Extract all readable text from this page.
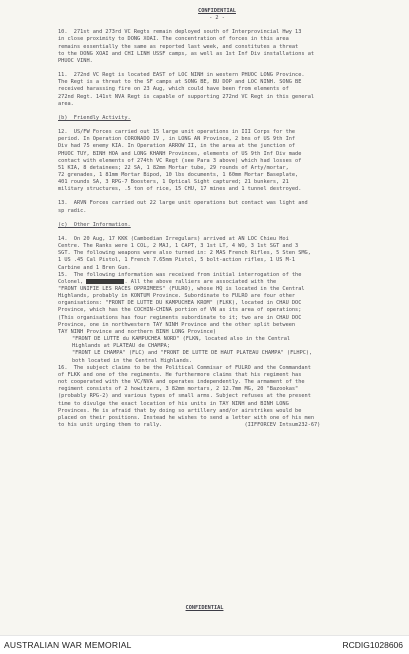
CONFIDENTIAL

- 2 -

10.  271st and 273rd VC Regts remain deployed south of Interprovincial Hwy 13
in close proximity to DONG XOAI. The concentration of forces in this area
remains essentially the same as reported last week, and constitutes a threat
to the DONG XOAI and CHI LINH USSF camps, as well as 1st Inf Div installations at
PHUOC VINH.

11.  272nd VC Regt is located EAST of LOC NINH in western PHUOC LONG Province.
The Regt is a threat to the SF camps at SONG BE, BU DOP and LOC NINH. SONG BE
received harassing fire on 23 Aug, which could have been from elements of
272nd Regt. 141st NVA Regt is capable of supporting 272nd VC Regt in this general
area.

(b)  Friendly Activity.

12.  US/FW Forces carried out 15 large unit operations in III Corps for the
period. In Operation CORONADO IV , in LONG AN Province, 2 bns of US 9th Inf
Div had 75 enemy KIA. In Operation ARROW II, in the area at the junction of
PHUOC TUY, BINH HOA and LONG KHANH Provinces, elements of US 9th Inf Div made
contact with elements of 274th VC Regt (see Para 3 above) which had losses of
51 KIA, 8 detainees; 22 SA, 1 82mm Mortar tube, 29 rounds of Arty/mortar,
72 grenades, 1 81mm Mortar Bipod, 10 lbs documents, 1 60mm Mortar Baseplate,
401 rounds SA, 3 RPG-7 Boosters, 1 Optical Sight captured; 21 bunkers, 21
military structures, .5 ton of rice, 15 CHU, 17 mines and 1 tunnel destroyed.

13.  ARVN Forces carried out 22 large unit operations but contact was light and
sp radic.

(c)  Other Information.

14.  On 20 Aug, 17 KKK (Cambodian Irregulars) arrived at AN LOC Chieu Hoi
Centre. The Ranks were 1 COL, 2 MAJ, 1 CAPT, 3 1st LT, 4 WO, 3 1st SGT and 3
SGT. The following weapons were also turned in: 2 MAS French Rifles, 5 Sten SMG,
1 US .45 Cal Pistol, 1 French 7.65mm Pistol, 5 bolt-action rifles, 1 US M-1
Carbine and 1 Bren Gun.

15.  The following information was received from initial interrogation of the

Colonel,	. All the above ralliers are associated with the

"FRONT UNIFIE LES RACES OPPRIMEES" (FULRO), whose HQ is located in the Central
Highlands, probably in KONTUM Province. Subordinate to FULRO are four other
organisations: "FRONT DE LUTTE DU KAMPUCHEA KROM" (FLKK), located in CHAU DOC
Province, which has the COCHIN-CHINA portion of VN as its area of operations;
(This organisations has four regiments subordinate to it; two are in CHAU DOC
Province, one in northwestern TAY NINH Province and the other split between
TAY NINH Province and northern BINH LONG Province)

"FRONT DE LUTTE du KAMPUCHEA NORD" (FLKN, located also in the Central
Highlands at PLATEAU de CHAMPA;

"FRONT LE CHAMPA" (FLC) and "FRONT DE LUTTE DE HAUT PLATEAU CHAMPA" (FLHPC),
both located in the Central Highlands.

16.  The subject claims to be the Political Commisar of FULRO and the Commandant
of FLKK and one of the regiments. He furthermore claims that his regiment has
not cooperated with the VC/NVA and operates independently. The armament of the
regiment consists of 2 howitzers, 3 82mm mortars, 2 12.7mm MG, 20 "Bazookas"
(probably RPG-2) and various types of small arms. Subject refuses at the present
time to divulge the exact location of his units in TAY NINH and BINH LONG
Provinces. He is afraid that by doing so artillery and/or airstrikes would be
placed on their positions. Instead he wishes to send a letter with one of his men
to his unit urging them to rally.                          (IIFFORCEV Intsum232-67)

CONFIDENTIAL
AUSTRALIAN WAR MEMORIAL	RCDIG1028606
